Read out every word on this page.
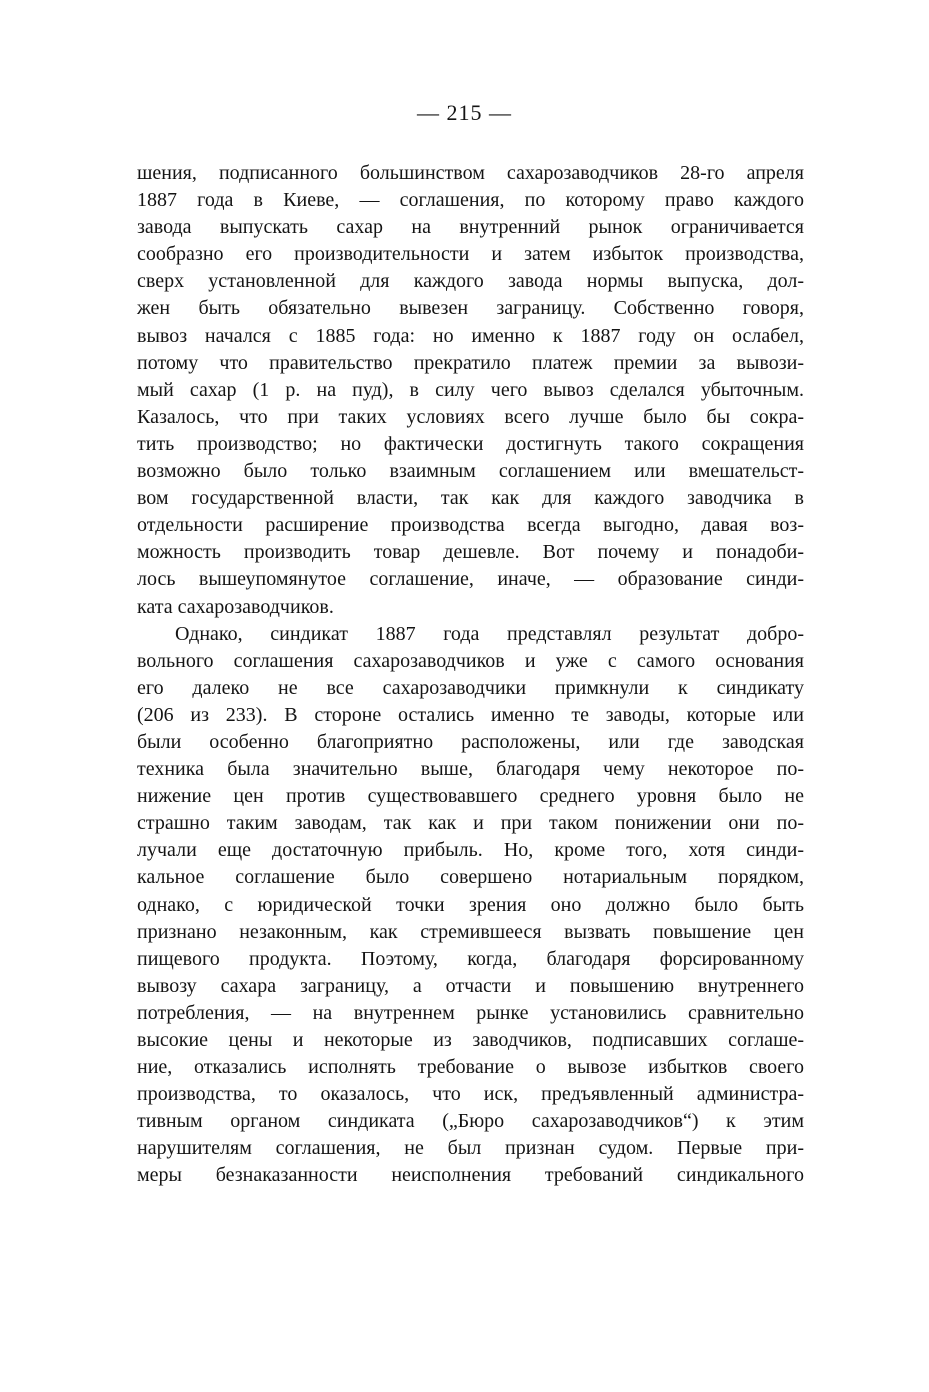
— 215 —
шения, подписанного большинством сахарозаводчиков 28-го апреля
1887 года в Киеве, — соглашения, по которому право каждого
завода выпускать сахар на внутренний рынок ограничивается
сообразно его производительности и затем избыток производства,
сверх установленной для каждого завода нормы выпуска, дол-
жен быть обязательно вывезен заграницу. Собственно говоря,
вывоз начался с 1885 года: но именно к 1887 году он ослабел,
потому что правительство прекратило платеж премии за вывози-
мый сахар (1 р. на пуд), в силу чего вывоз сделался убыточным.
Казалось, что при таких условиях всего лучше было бы сокра-
тить производство; но фактически достигнуть такого сокращения
возможно было только взаимным соглашением или вмешательст-
вом государственной власти, так как для каждого заводчика в
отдельности расширение производства всегда выгодно, давая воз-
можность производить товар дешевле. Вот почему и понадоби-
лось вышеупомянутое соглашение, иначе, — образование синди-
ката сахарозаводчиков.
Однако, синдикат 1887 года представлял результат добро-
вольного соглашения сахарозаводчиков и уже с самого основания
его далеко не все сахарозаводчики примкнули к синдикату
(206 из 233). В стороне остались именно те заводы, которые или
были особенно благоприятно расположены, или где заводская
техника была значительно выше, благодаря чему некоторое по-
нижение цен против существовавшего среднего уровня было не
страшно таким заводам, так как и при таком понижении они по-
лучали еще достаточную прибыль. Но, кроме того, хотя синди-
кальное соглашение было совершено нотариальным порядком,
однако, с юридической точки зрения оно должно было быть
признано незаконным, как стремившееся вызвать повышение цен
пищевого продукта. Поэтому, когда, благодаря форсированному
вывозу сахара заграницу, а отчасти и повышению внутреннего
потребления, — на внутреннем рынке установились сравнительно
высокие цены и некоторые из заводчиков, подписавших соглаше-
ние, отказались исполнять требование о вывозе избытков своего
производства, то оказалось, что иск, предъявленный администра-
тивным органом синдиката („Бюро сахарозаводчиков“) к этим
нарушителям соглашения, не был признан судом. Первые при-
меры безнаказанности неисполнения требований синдикального
